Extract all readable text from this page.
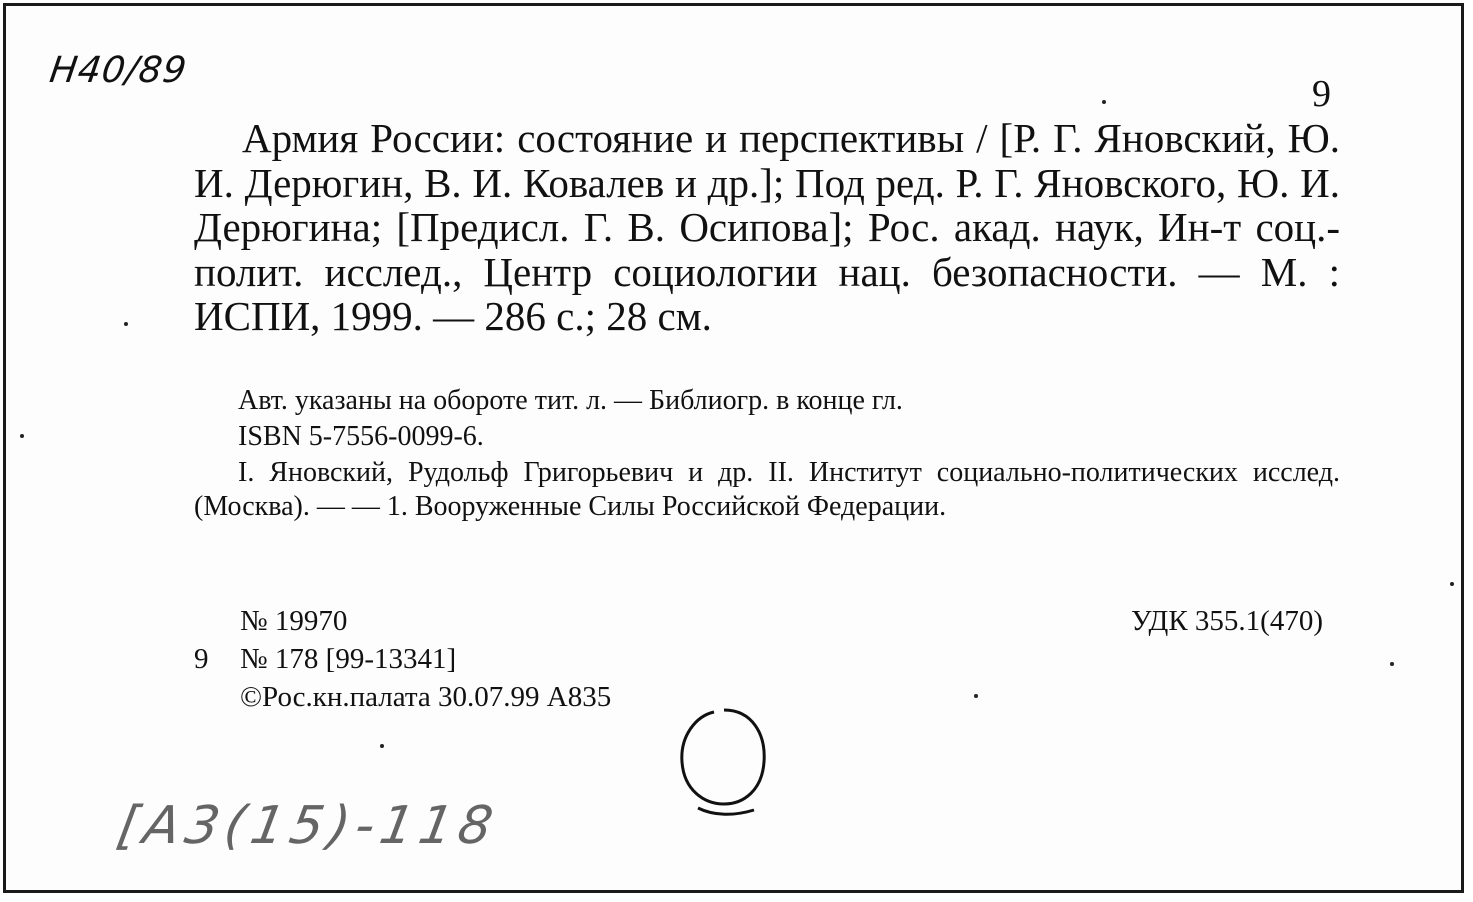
Н40/89
9

Армия России: состояние и перспективы / [Р. Г. Яновский, Ю. И. Дерюгин, В. И. Ковалев и др.]; Под ред. Р. Г. Яновского, Ю. И. Дерюгина; [Предисл. Г. В. Осипова]; Рос. акад. наук, Ин-т соц.-полит. исслед., Центр социологии нац. безопасности. — М. : ИСПИ, 1999. — 286 с.; 28 см.

Авт. указаны на обороте тит. л. — Библиогр. в конце гл.

ISBN 5-7556-0099-6.

I. Яновский, Рудольф Григорьевич и др. II. Институт социально-политических исслед. (Москва). — — 1. Вооруженные Силы Российской Федерации.

№ 19970	УДК 355.1(470)

9 № 178 [99-13341]

©Рос.кн.палата 30.07.99 А835

[А3(15)-118
